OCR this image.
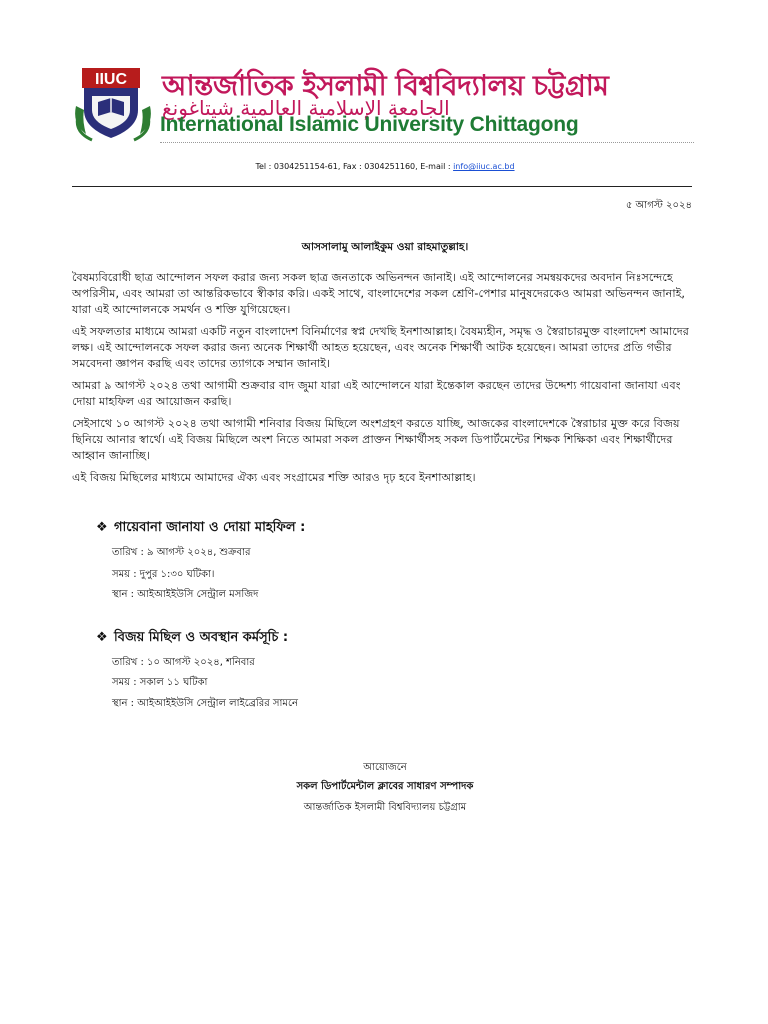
IIUC আন্তর্জাতিক ইসলামী বিশ্ববিদ্যালয় চট্টগ্রাম
الجامعة الإسلامية العالمية شيتاغونغ
International Islamic University Chittagong
Tel : 0304251154-61, Fax : 0304251160, E-mail : info@iiuc.ac.bd
৫ আগস্ট ২০২৪
আসসালামু আলাইকুম ওয়া রাহমাতুল্লাহ।

বৈষম্যবিরোধী ছাত্র আন্দোলন সফল করার জন্য সকল ছাত্র জনতাকে অভিনন্দন জানাই। এই আন্দোলনের সমন্বয়কদের অবদান নিঃসন্দেহে অপরিসীম, এবং আমরা তা আন্তরিকভাবে স্বীকার করি। একই সাথে, বাংলাদেশের সকল শ্রেণি-পেশার মানুষদেরকেও আমরা অভিনন্দন জানাই, যারা এই আন্দোলনকে সমর্থন ও শক্তি যুগিয়েছেন।

এই সফলতার মাধ্যমে আমরা একটি নতুন বাংলাদেশ বিনির্মাণের স্বপ্ন দেখছি ইনশাআল্লাহ। বৈষম্যহীন, সমৃদ্ধ ও স্বৈরাচারমুক্ত বাংলাদেশ আমাদের লক্ষ। এই আন্দোলনকে সফল করার জন্য অনেক শিক্ষার্থী আহত হয়েছেন, এবং অনেক শিক্ষার্থী আটক হয়েছেন। আমরা তাদের প্রতি গভীর সমবেদনা জ্ঞাপন করছি এবং তাদের ত্যাগকে সম্মান জানাই।

আমরা ৯ আগস্ট ২০২৪ তথা আগামী শুক্রবার বাদ জুমা যারা এই আন্দোলনে যারা ইন্তেকাল করছেন তাদের উদ্দেশ্য গায়েবানা জানাযা এবং দোয়া মাহফিল এর আয়োজন করছি।

সেইসাথে ১০ আগস্ট ২০২৪ তথা আগামী শনিবার বিজয় মিছিলে অংশগ্রহণ করতে যাচ্ছি, আজকের বাংলাদেশকে স্বৈরাচার মুক্ত করে বিজয় ছিনিয়ে আনার স্বার্থে। এই বিজয় মিছিলে অংশ নিতে আমরা সকল প্রাক্তন শিক্ষার্থীসহ সকল ডিপার্টমেন্টের শিক্ষক শিক্ষিকা এবং শিক্ষার্থীদের আহ্বান জানাচ্ছি।

এই বিজয় মিছিলের মাধ্যমে আমাদের ঐক্য এবং সংগ্রামের শক্তি আরও দৃঢ় হবে ইনশাআল্লাহ।

❖ গায়েবানা জানাযা ও দোয়া মাহফিল :
তারিখ : ৯ আগস্ট ২০২৪, শুক্রবার
সময় : দুপুর ১:৩০ ঘটিকা।
স্থান : আইআইইউসি সেন্ট্রাল মসজিদ
❖ বিজয় মিছিল ও অবস্থান কর্মসূচি :
তারিখ : ১০ আগস্ট ২০২৪, শনিবার
সময় : সকাল ১১ ঘটিকা
স্থান : আইআইইউসি সেন্ট্রাল লাইব্রেরির সামনে
আয়োজনে
সকল ডিপার্টমেন্টাল ক্লাবের সাধারণ সম্পাদক
আন্তর্জাতিক ইসলামী বিশ্ববিদ্যালয় চট্টগ্রাম
